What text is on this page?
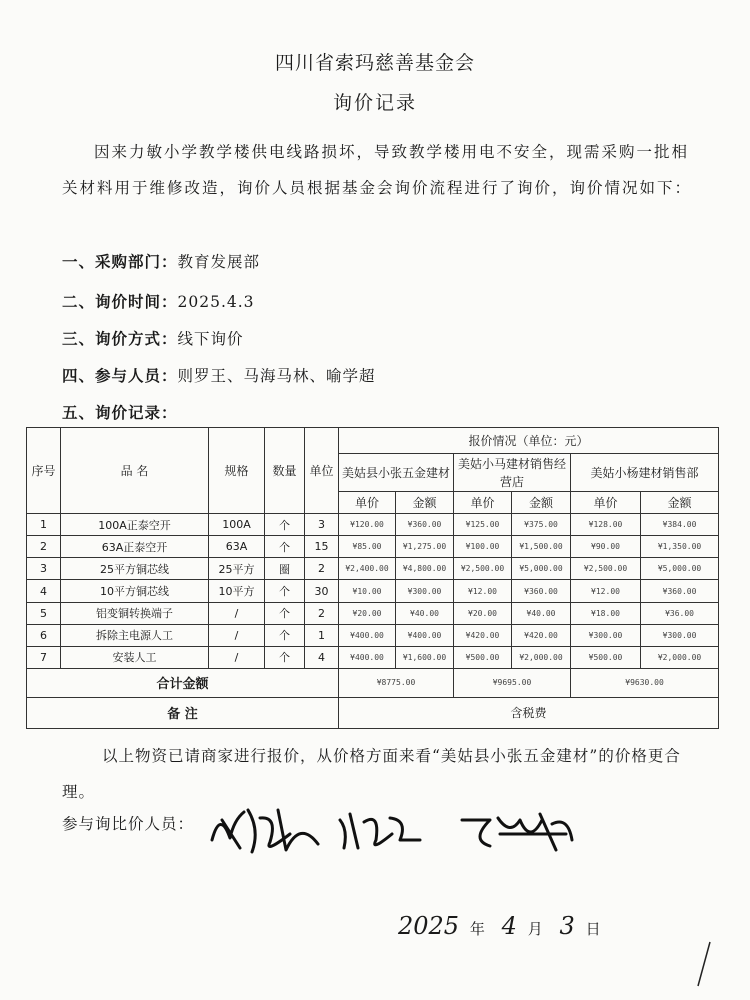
四川省索玛慈善基金会
询价记录
因来力敏小学教学楼供电线路损坏，导致教学楼用电不安全，现需采购一批相关材料用于维修改造，询价人员根据基金会询价流程进行了询价，询价情况如下：
一、采购部门：教育发展部
二、询价时间：2025.4.3
三、询价方式：线下询价
四、参与人员：则罗王、马海马林、喻学超
五、询价记录：
序号	品 名	规格	数量	单位	报价情况（单位：元）					
					美姑县小张五金建材		美姑小马建材销售经营店		美姑小杨建材销售部	
					单价	金额	单价	金额	单价	金额
1	100A正泰空开	100A	个	3	¥120.00	¥360.00	¥125.00	¥375.00	¥128.00	¥384.00
2	63A正泰空开	63A	个	15	¥85.00	¥1,275.00	¥100.00	¥1,500.00	¥90.00	¥1,350.00
3	25平方铜芯线	25平方	圈	2	¥2,400.00	¥4,800.00	¥2,500.00	¥5,000.00	¥2,500.00	¥5,000.00
4	10平方铜芯线	10平方	个	30	¥10.00	¥300.00	¥12.00	¥360.00	¥12.00	¥360.00
5	铝变铜转换端子	/	个	2	¥20.00	¥40.00	¥20.00	¥40.00	¥18.00	¥36.00
6	拆除主电源人工	/	个	1	¥400.00	¥400.00	¥420.00	¥420.00	¥300.00	¥300.00
7	安装人工	/	个	4	¥400.00	¥1,600.00	¥500.00	¥2,000.00	¥500.00	¥2,000.00
合计金额					¥8775.00		¥9695.00		¥9630.00	
备 注					含税费					
以上物资已请商家进行报价，从价格方面来看“美姑县小张五金建材”的价格更合理。
参与询比价人员：
2025 年 4 月 3 日
